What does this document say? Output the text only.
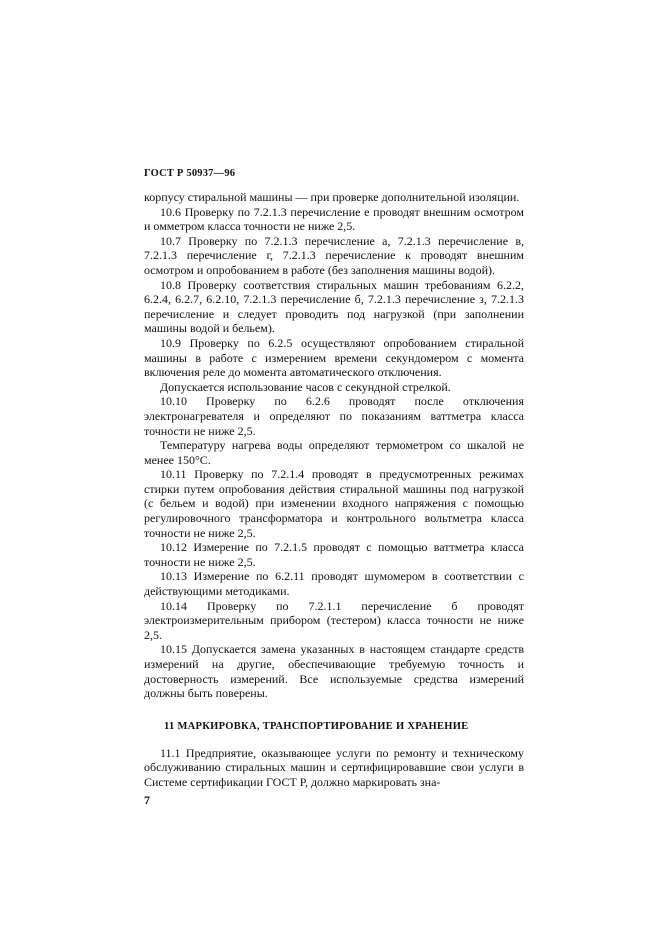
ГОСТ Р 50937—96

корпусу стиральной машины — при проверке дополнительной изоляции.

10.6 Проверку по 7.2.1.3 перечисление е проводят внешним осмотром и омметром класса точности не ниже 2,5.

10.7 Проверку по 7.2.1.3 перечисление а, 7.2.1.3 перечисление в, 7.2.1.3 перечисление г, 7.2.1.3 перечисление к проводят внешним осмотром и опробованием в работе (без заполнения машины водой).

10.8 Проверку соответствия стиральных машин требованиям 6.2.2, 6.2.4, 6.2.7, 6.2.10, 7.2.1.3 перечисление б, 7.2.1.3 перечисление з, 7.2.1.3 перечисление и следует проводить под нагрузкой (при заполнении машины водой и бельем).

10.9 Проверку по 6.2.5 осуществляют опробованием стиральной машины в работе с измерением времени секундомером с момента включения реле до момента автоматического отключения.

Допускается использование часов с секундной стрелкой.

10.10 Проверку по 6.2.6 проводят после отключения электронагревателя и определяют по показаниям ваттметра класса точности не ниже 2,5.

Температуру нагрева воды определяют термометром со шкалой не менее 150°С.

10.11 Проверку по 7.2.1.4 проводят в предусмотренных режимах стирки путем опробования действия стиральной машины под нагрузкой (с бельем и водой) при изменении входного напряжения с помощью регулировочного трансформатора и контрольного вольтметра класса точности не ниже 2,5.

10.12 Измерение по 7.2.1.5 проводят с помощью ваттметра класса точности не ниже 2,5.

10.13 Измерение по 6.2.11 проводят шумомером в соответствии с действующими методиками.

10.14 Проверку по 7.2.1.1 перечисление б проводят электроизмерительным прибором (тестером) класса точности не ниже 2,5.

10.15 Допускается замена указанных в настоящем стандарте средств измерений на другие, обеспечивающие требуемую точность и достоверность измерений. Все используемые средства измерений должны быть поверены.

11 МАРКИРОВКА, ТРАНСПОРТИРОВАНИЕ И ХРАНЕНИЕ

11.1 Предприятие, оказывающее услуги по ремонту и техническому обслуживанию стиральных машин и сертифицировавшие свои услуги в Системе сертификации ГОСТ Р, должно маркировать зна-

7
